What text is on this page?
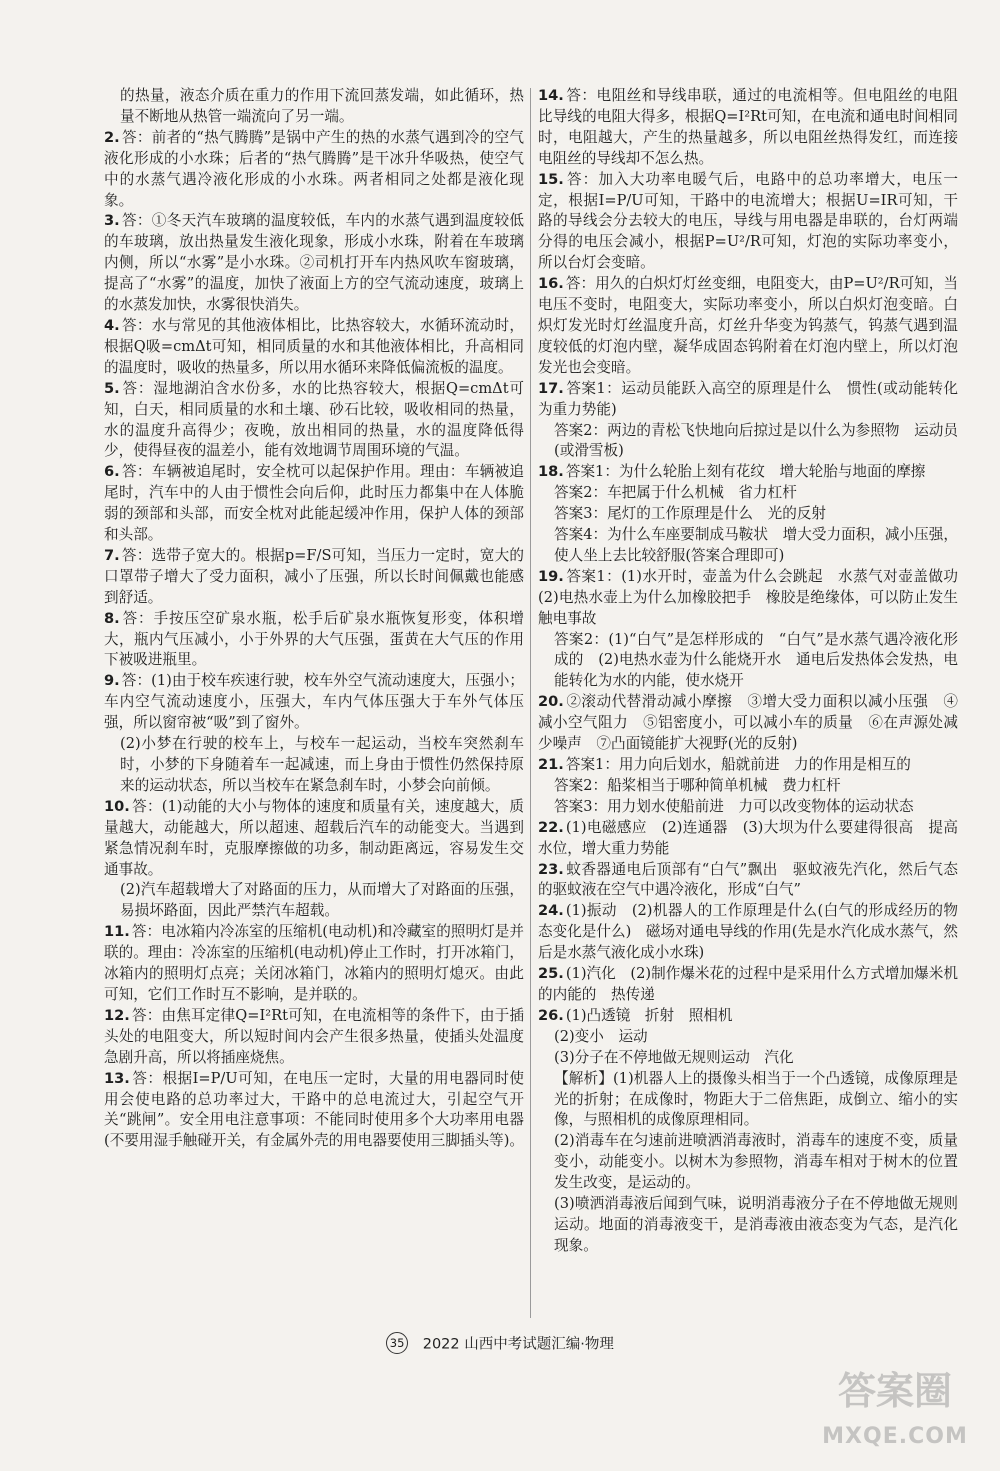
的热量，液态介质在重力的作用下流回蒸发端，如此循环，热量不断地从热管一端流向了另一端。
2. 答：前者的“热气腾腾”是锅中产生的热的水蒸气遇到冷的空气液化形成的小水珠；后者的“热气腾腾”是干冰升华吸热，使空气中的水蒸气遇冷液化形成的小水珠。两者相同之处都是液化现象。
3. 答：①冬天汽车玻璃的温度较低，车内的水蒸气遇到温度较低的车玻璃，放出热量发生液化现象，形成小水珠，附着在车玻璃内侧，所以“水雾”是小水珠。②司机打开车内热风吹车窗玻璃，提高了“水雾”的温度，加快了液面上方的空气流动速度，玻璃上的水蒸发加快，水雾很快消失。
4. 答：水与常见的其他液体相比，比热容较大，水循环流动时，根据Q吸=cmΔt可知，相同质量的水和其他液体相比，升高相同的温度时，吸收的热量多，所以用水循环来降低偏流板的温度。
5. 答：湿地湖泊含水份多，水的比热容较大，根据Q=cmΔt可知，白天，相同质量的水和土壤、砂石比较，吸收相同的热量，水的温度升高得少；夜晚，放出相同的热量，水的温度降低得少，使得昼夜的温差小，能有效地调节周围环境的气温。
6. 答：车辆被追尾时，安全枕可以起保护作用。理由：车辆被追尾时，汽车中的人由于惯性会向后仰，此时压力都集中在人体脆弱的颈部和头部，而安全枕对此能起缓冲作用，保护人体的颈部和头部。
7. 答：选带子宽大的。根据p=F/S可知，当压力一定时，宽大的口罩带子增大了受力面积，减小了压强，所以长时间佩戴也能感到舒适。
8. 答：手按压空矿泉水瓶，松手后矿泉水瓶恢复形变，体积增大，瓶内气压减小，小于外界的大气压强，蛋黄在大气压的作用下被吸进瓶里。
9. 答：(1)由于校车疾速行驶，校车外空气流动速度大，压强小；车内空气流动速度小，压强大，车内气体压强大于车外气体压强，所以窗帘被“吸”到了窗外。
(2)小梦在行驶的校车上，与校车一起运动，当校车突然刹车时，小梦的下身随着车一起减速，而上身由于惯性仍然保持原来的运动状态，所以当校车在紧急刹车时，小梦会向前倾。
10. 答：(1)动能的大小与物体的速度和质量有关，速度越大，质量越大，动能越大，所以超速、超载后汽车的动能变大。当遇到紧急情况刹车时，克服摩擦做的功多，制动距离远，容易发生交通事故。
(2)汽车超载增大了对路面的压力，从而增大了对路面的压强，易损坏路面，因此严禁汽车超载。
11. 答：电冰箱内冷冻室的压缩机(电动机)和冷藏室的照明灯是并联的。理由：冷冻室的压缩机(电动机)停止工作时，打开冰箱门，冰箱内的照明灯点亮；关闭冰箱门，冰箱内的照明灯熄灭。由此可知，它们工作时互不影响，是并联的。
12. 答：由焦耳定律Q=I²Rt可知，在电流相等的条件下，由于插头处的电阻变大，所以短时间内会产生很多热量，使插头处温度急剧升高，所以将插座烧焦。
13. 答：根据I=P/U可知，在电压一定时，大量的用电器同时使用会使电路的总功率过大，干路中的总电流过大，引起空气开关“跳闸”。安全用电注意事项：不能同时使用多个大功率用电器(不要用湿手触碰开关，有金属外壳的用电器要使用三脚插头等)。
14. 答：电阻丝和导线串联，通过的电流相等。但电阻丝的电阻比导线的电阻大得多，根据Q=I²Rt可知，在电流和通电时间相同时，电阻越大，产生的热量越多，所以电阻丝热得发红，而连接电阻丝的导线却不怎么热。
15. 答：加入大功率电暖气后，电路中的总功率增大，电压一定，根据I=P/U可知，干路中的电流增大；根据U=IR可知，干路的导线会分去较大的电压，导线与用电器是串联的，台灯两端分得的电压会减小，根据P=U²/R可知，灯泡的实际功率变小，所以台灯会变暗。
16. 答：用久的白炽灯灯丝变细，电阻变大，由P=U²/R可知，当电压不变时，电阻变大，实际功率变小，所以白炽灯泡变暗。白炽灯发光时灯丝温度升高，灯丝升华变为钨蒸气，钨蒸气遇到温度较低的灯泡内壁，凝华成固态钨附着在灯泡内壁上，所以灯泡发光也会变暗。
17. 答案1：运动员能跃入高空的原理是什么　惯性(或动能转化为重力势能)
答案2：两边的青松飞快地向后掠过是以什么为参照物　运动员(或滑雪板)
18. 答案1：为什么轮胎上刻有花纹　增大轮胎与地面的摩擦
答案2：车把属于什么机械　省力杠杆
答案3：尾灯的工作原理是什么　光的反射
答案4：为什么车座要制成马鞍状　增大受力面积，减小压强，使人坐上去比较舒服(答案合理即可)
19. 答案1：(1)水开时，壶盖为什么会跳起　水蒸气对壶盖做功　(2)电热水壶上为什么加橡胶把手　橡胶是绝缘体，可以防止发生触电事故
答案2：(1)“白气”是怎样形成的　“白气”是水蒸气遇冷液化形成的　(2)电热水壶为什么能烧开水　通电后发热体会发热，电能转化为水的内能，使水烧开
20. ②滚动代替滑动减小摩擦　③增大受力面积以减小压强　④减小空气阻力　⑤铝密度小，可以减小车的质量　⑥在声源处减少噪声　⑦凸面镜能扩大视野(光的反射)
21. 答案1：用力向后划水，船就前进　力的作用是相互的
答案2：船桨相当于哪种简单机械　费力杠杆
答案3：用力划水使船前进　力可以改变物体的运动状态
22. (1)电磁感应　(2)连通器　(3)大坝为什么要建得很高　提高水位，增大重力势能
23. 蚊香器通电后顶部有“白气”飘出　驱蚊液先汽化，然后气态的驱蚊液在空气中遇冷液化，形成“白气”
24. (1)振动　(2)机器人的工作原理是什么(白气的形成经历的物态变化是什么)　磁场对通电导线的作用(先是水汽化成水蒸气，然后是水蒸气液化成小水珠)
25. (1)汽化　(2)制作爆米花的过程中是采用什么方式增加爆米机的内能的　热传递
26. (1)凸透镜　折射　照相机
(2)变小　运动
(3)分子在不停地做无规则运动　汽化
【解析】(1)机器人上的摄像头相当于一个凸透镜，成像原理是光的折射；在成像时，物距大于二倍焦距，成倒立、缩小的实像，与照相机的成像原理相同。
(2)消毒车在匀速前进喷洒消毒液时，消毒车的速度不变，质量变小，动能变小。以树木为参照物，消毒车相对于树木的位置发生改变，是运动的。
(3)喷洒消毒液后闻到气味，说明消毒液分子在不停地做无规则运动。地面的消毒液变干，是消毒液由液态变为气态，是汽化现象。
35 2022 山西中考试题汇编·物理
答案圈
MXQE.COM
